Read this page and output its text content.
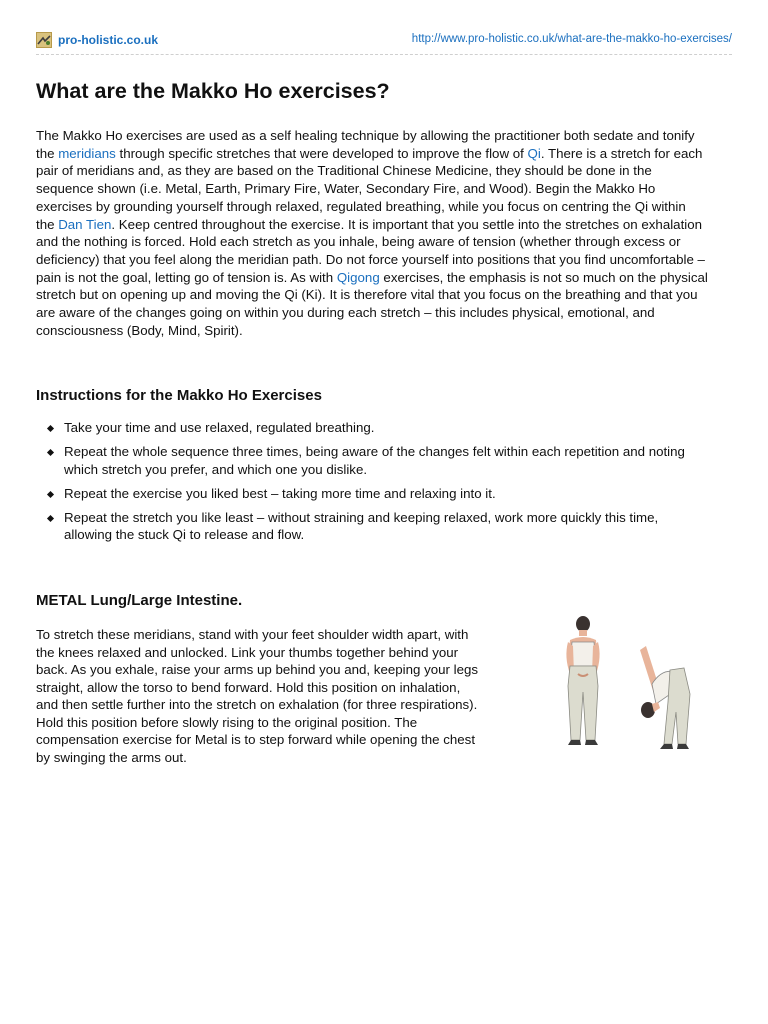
pro-holistic.co.uk	http://www.pro-holistic.co.uk/what-are-the-makko-ho-exercises/
What are the Makko Ho exercises?
The Makko Ho exercises are used as a self healing technique by allowing the practitioner both sedate and tonify
the meridians through specific stretches that were developed to improve the flow of Qi. There is a stretch for each
pair of meridians and, as they are based on the Traditional Chinese Medicine, they should be done in the
sequence shown (i.e. Metal, Earth, Primary Fire, Water, Secondary Fire, and Wood). Begin the Makko Ho
exercises by grounding yourself through relaxed, regulated breathing, while you focus on centring the Qi within
the Dan Tien. Keep centred throughout the exercise. It is important that you settle into the stretches on exhalation
and the nothing is forced. Hold each stretch as you inhale, being aware of tension (whether through excess or
deficiency) that you feel along the meridian path. Do not force yourself into positions that you find uncomfortable –
pain is not the goal, letting go of tension is. As with Qigong exercises, the emphasis is not so much on the physical
stretch but on opening up and moving the Qi (Ki). It is therefore vital that you focus on the breathing and that you
are aware of the changes going on within you during each stretch – this includes physical, emotional, and
consciousness (Body, Mind, Spirit).
Instructions for the Makko Ho Exercises
Take your time and use relaxed, regulated breathing.
Repeat the whole sequence three times, being aware of the changes felt within each repetition and noting
which stretch you prefer, and which one you dislike.
Repeat the exercise you liked best – taking more time and relaxing into it.
Repeat the stretch you like least – without straining and keeping relaxed, work more quickly this time,
allowing the stuck Qi to release and flow.
METAL Lung/Large Intestine.
To stretch these meridians, stand with your feet shoulder width apart, with
the knees relaxed and unlocked. Link your thumbs together behind your
back. As you exhale, raise your arms up behind you and, keeping your legs
straight, allow the torso to bend forward. Hold this position on inhalation,
and then settle further into the stretch on exhalation (for three respirations).
Hold this position before slowly rising to the original position. The
compensation exercise for Metal is to step forward while opening the chest
by swinging the arms out.
